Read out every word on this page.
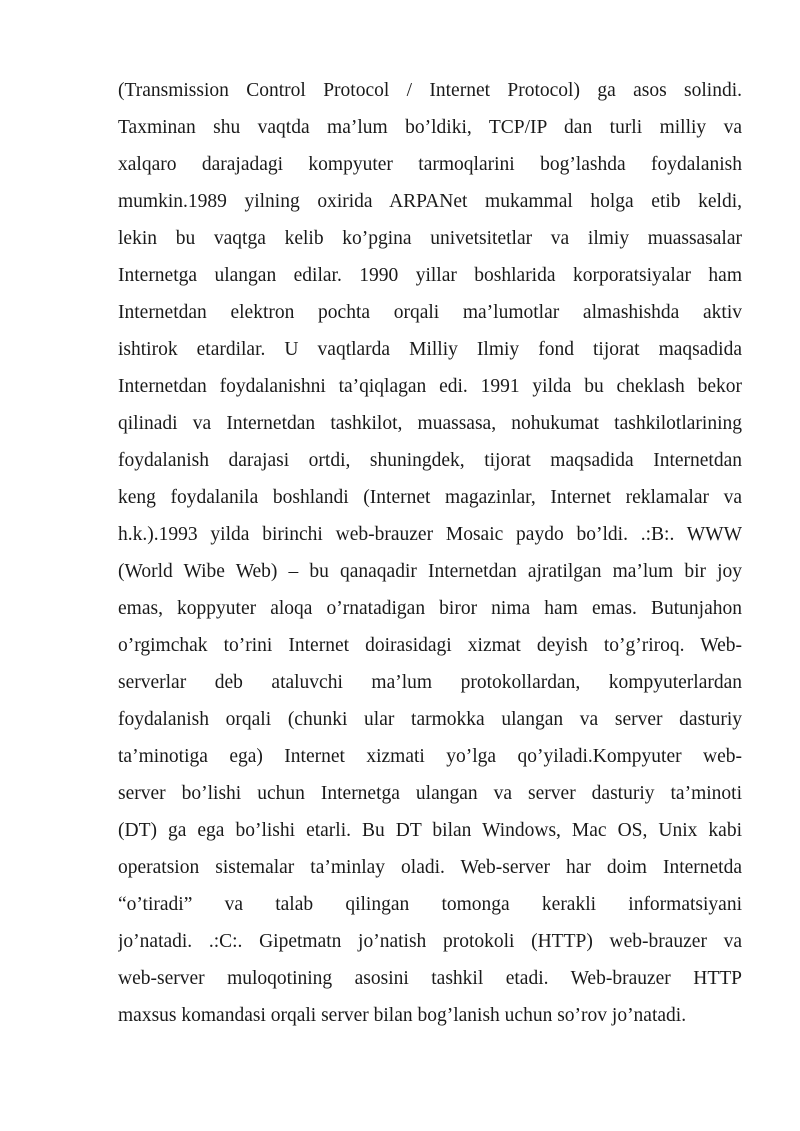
(Transmission Control Protocol / Internet Protocol) ga asos solindi.
Taxminan shu vaqtda ma’lum bo’ldiki, TCP/IP dan turli milliy va
xalqaro darajadagi kompyuter tarmoqlarini bog’lashda foydalanish
mumkin.1989 yilning oxirida ARPANet mukammal holga etib keldi,
lekin bu vaqtga kelib ko’pgina univetsitetlar va ilmiy muassasalar
Internetga ulangan edilar. 1990 yillar boshlarida korporatsiyalar ham
Internetdan elektron pochta orqali ma’lumotlar almashishda aktiv
ishtirok etardilar. U vaqtlarda Milliy Ilmiy fond tijorat maqsadida
Internetdan foydalanishni ta’qiqlagan edi. 1991 yilda bu cheklash bekor
qilinadi va Internetdan tashkilot, muassasa, nohukumat tashkilotlarining
foydalanish darajasi ortdi, shuningdek, tijorat maqsadida Internetdan
keng foydalanila boshlandi (Internet magazinlar, Internet reklamalar va
h.k.).1993 yilda birinchi web-brauzer Mosaic paydo bo’ldi. .:B:. WWW
(World Wibe Web) – bu qanaqadir Internetdan ajratilgan ma’lum bir joy
emas, koppyuter aloqa o’rnatadigan biror nima ham emas. Butunjahon
o’rgimchak to’rini Internet doirasidagi xizmat deyish to’g’riroq. Web-
serverlar deb ataluvchi ma’lum protokollardan, kompyuterlardan
foydalanish orqali (chunki ular tarmokka ulangan va server dasturiy
ta’minotiga ega) Internet xizmati yo’lga qo’yiladi.Kompyuter web-
server bo’lishi uchun Internetga ulangan va server dasturiy ta’minoti
(DT) ga ega bo’lishi etarli. Bu DT bilan Windows, Mac OS, Unix kabi
operatsion sistemalar ta’minlay oladi. Web-server har doim Internetda
“o’tiradi” va talab qilingan tomonga kerakli informatsiyani
jo’natadi. .:C:. Gipetmatn jo’natish protokoli (HTTP) web-brauzer va
web-server muloqotining asosini tashkil etadi. Web-brauzer HTTP
maxsus komandasi orqali server bilan bog’lanish uchun so’rov jo’natadi.
